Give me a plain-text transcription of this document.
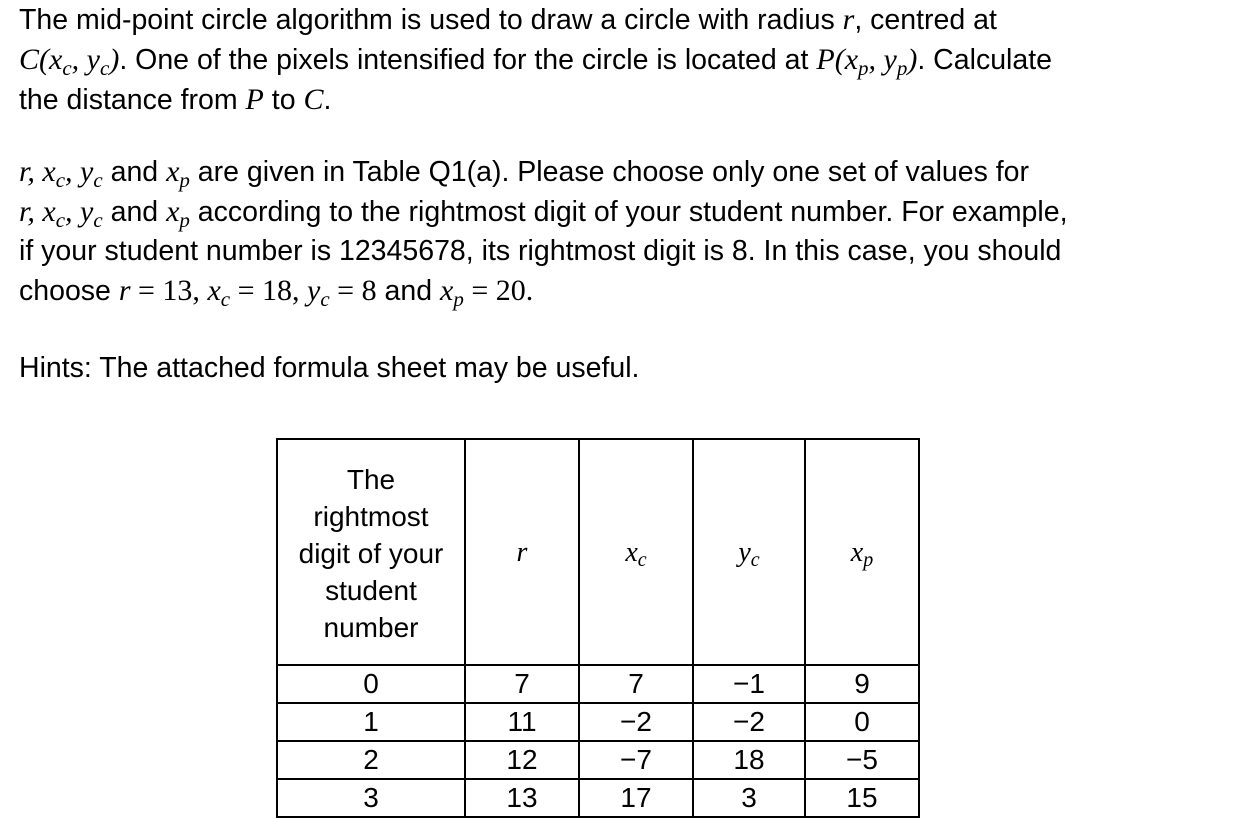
The mid-point circle algorithm is used to draw a circle with radius r, centred at
$C(x_c$, $y_c$). One of the pixels intensified for the circle is located at $P(x_p$, $y_p$). Calculate
the distance from P to C.
r, $x_c$, $y_c$ and $x_p$ are given in Table Q1(a). Please choose only one set of values for
r, $x_c$, $y_c$ and $x_p$ according to the rightmost digit of your student number. For example,
if your student number is 12345678, its rightmost digit is 8. In this case, you should
choose r = 13, $x_c = 18$, $y_c = 8$ and $x_p = 20$.
Hints: The attached formula sheet may be useful.
The rightmost digit of your student number	r	$x_c$	$y_c$	$x_p$
0	7	7	−1	9
1	11	−2	−2	0
2	12	−7	18	−5
3	13	17	3	15
